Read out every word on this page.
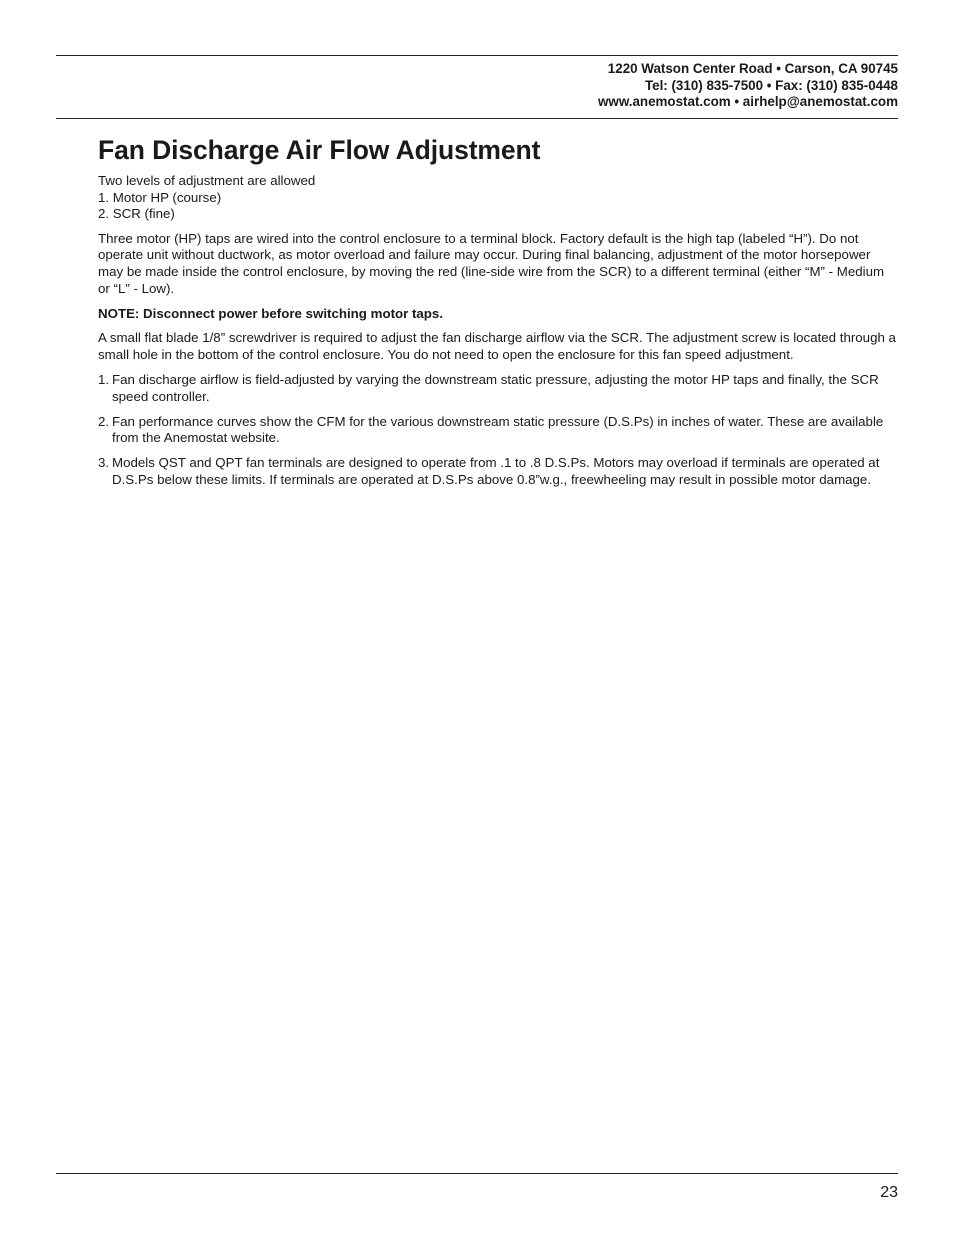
1220 Watson Center Road • Carson, CA 90745
Tel: (310) 835-7500 • Fax: (310) 835-0448
www.anemostat.com • airhelp@anemostat.com
Fan Discharge Air Flow Adjustment
Two levels of adjustment are allowed
1. Motor HP (course)
2. SCR (fine)

Three motor (HP) taps are wired into the control enclosure to a terminal block. Factory default is the high tap (labeled “H”). Do not operate unit without ductwork, as motor overload and failure may occur. During final balancing, adjustment of the motor horsepower may be made inside the control enclosure, by moving the red (line-side wire from the SCR) to a different terminal (either “M” - Medium or “L” - Low).

NOTE: Disconnect power before switching motor taps.

A small flat blade 1/8” screwdriver is required to adjust the fan discharge airflow via the SCR. The adjustment screw is located through a small hole in the bottom of the control enclosure. You do not need to open the enclosure for this fan speed adjustment.

1. Fan discharge airflow is field-adjusted by varying the downstream static pressure, adjusting the motor HP taps and finally, the SCR speed controller.
2. Fan performance curves show the CFM for the various downstream static pressure (D.S.Ps) in inches of water. These are available from the Anemostat website.
3. Models QST and QPT fan terminals are designed to operate from .1 to .8 D.S.Ps. Motors may overload if terminals are operated at D.S.Ps below these limits. If terminals are operated at D.S.Ps above 0.8”w.g., freewheeling may result in possible motor damage.
23
